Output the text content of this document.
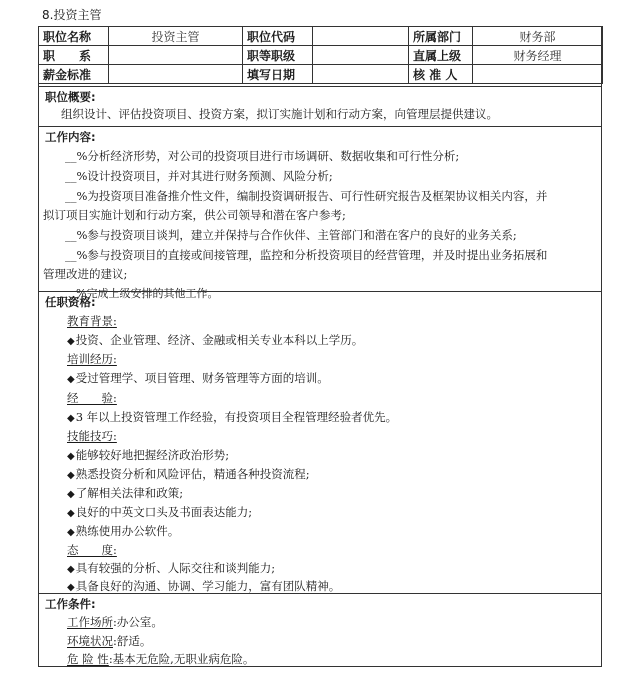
8.投资主管
职位名称	投资主管	职位代码		所属部门	财务部
职　　系		职等职级		直属上级	财务经理
薪金标准		填写日期		核 准 人	
职位概要:
组织设计、评估投资项目、投资方案，拟订实施计划和行动方案，向管理层提供建议。
工作内容:
__%分析经济形势，对公司的投资项目进行市场调研、数据收集和可行性分析;
__%设计投资项目，并对其进行财务预测、风险分析;
__%为投资项目准备推介性文件，编制投资调研报告、可行性研究报告及框架协议相关内容，并
拟订项目实施计划和行动方案，供公司领导和潜在客户参考;
__%参与投资项目谈判，建立并保持与合作伙伴、主管部门和潜在客户的良好的业务关系;
__%参与投资项目的直接或间接管理，监控和分析投资项目的经营管理，并及时提出业务拓展和
管理改进的建议;
__%完成上级安排的其他工作。
任职资格:
教育背景:
◆投资、企业管理、经济、金融或相关专业本科以上学历。
培训经历:
◆受过管理学、项目管理、财务管理等方面的培训。
经　　验:
◆3 年以上投资管理工作经验，有投资项目全程管理经验者优先。
技能技巧:
◆能够较好地把握经济政治形势;
◆熟悉投资分析和风险评估，精通各种投资流程;
◆了解相关法律和政策;
◆良好的中英文口头及书面表达能力;
◆熟练使用办公软件。
态　　度:
◆具有较强的分析、人际交往和谈判能力;
◆具备良好的沟通、协调、学习能力，富有团队精神。
工作条件:
工作场所:办公室。
环境状况:舒适。
危 险 性:基本无危险,无职业病危险。
